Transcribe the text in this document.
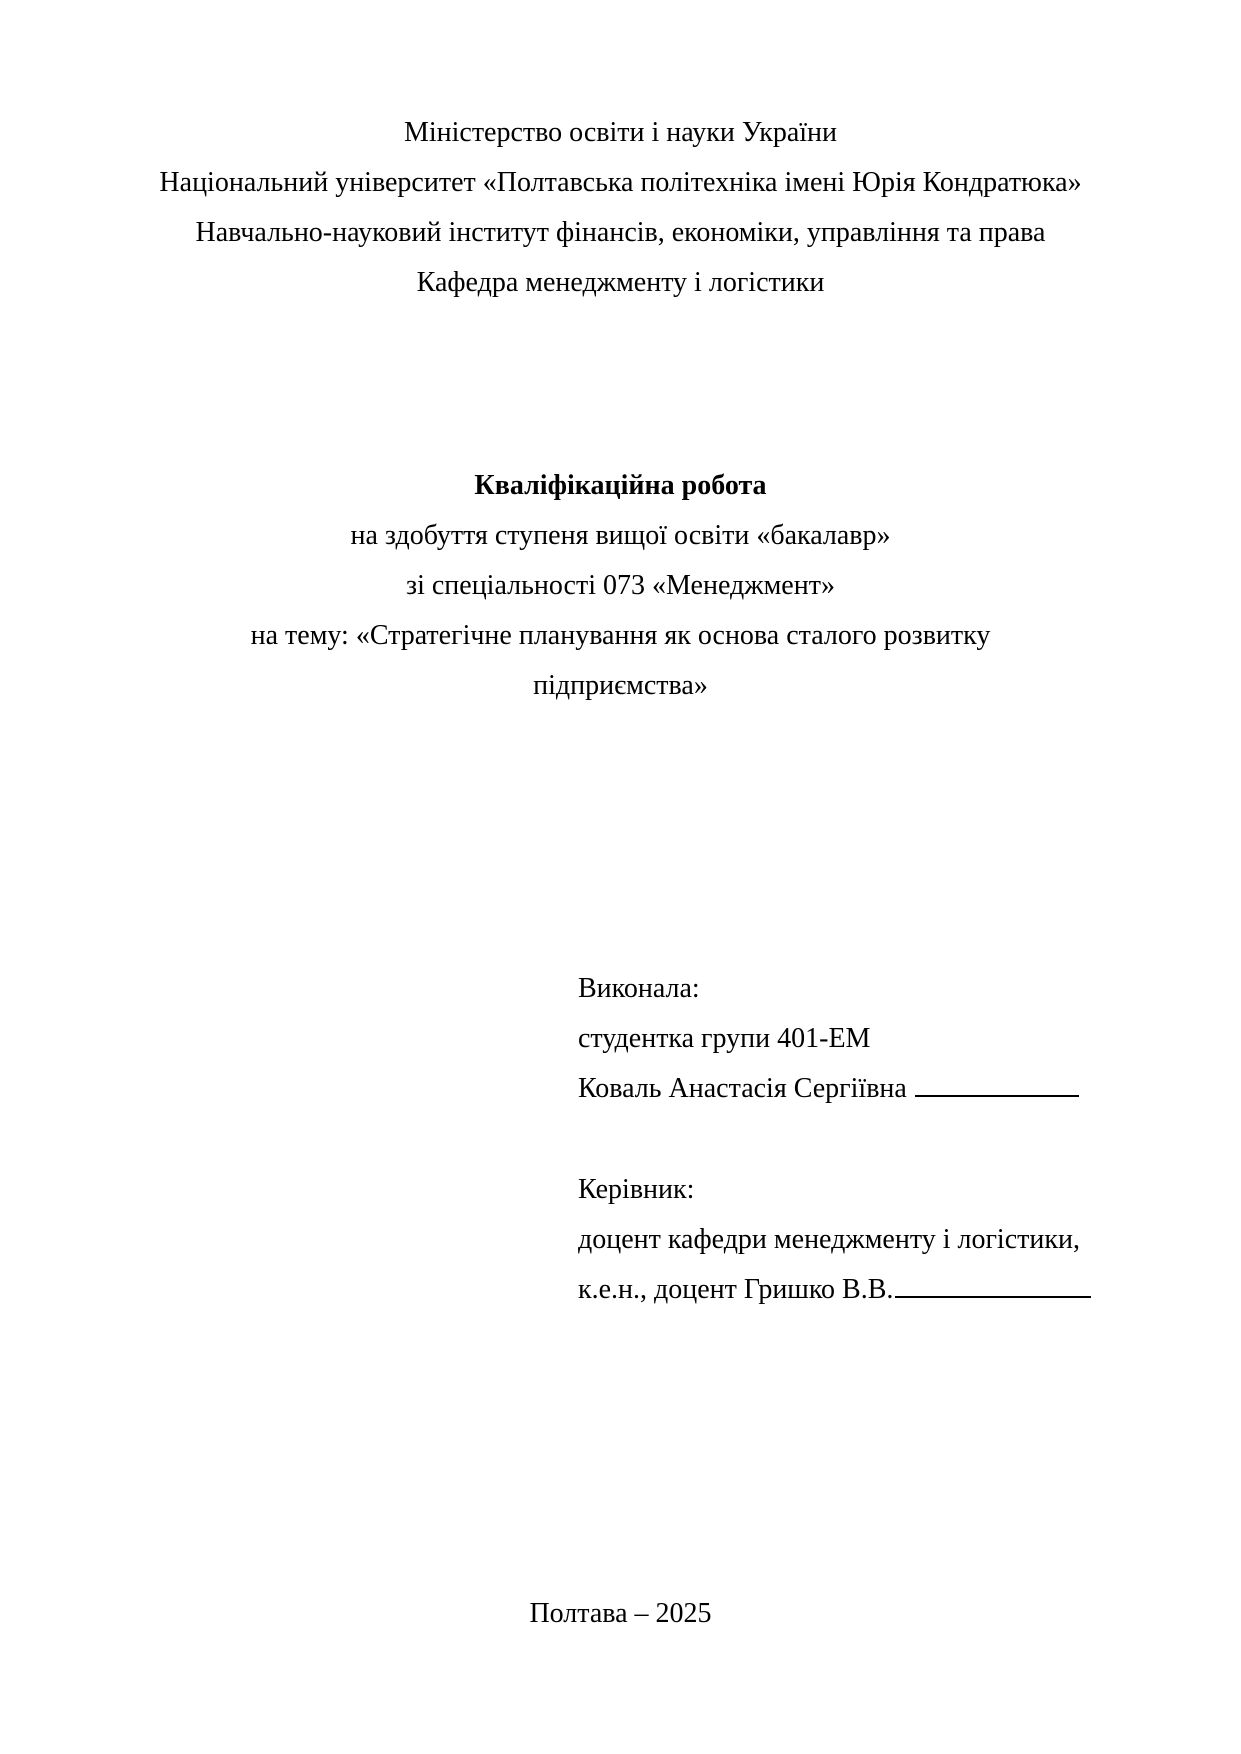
Міністерство освіти і науки України
Національний університет «Полтавська політехніка імені Юрія Кондратюка»
Навчально-науковий інститут фінансів, економіки, управління та права
Кафедра менеджменту і логістики
Кваліфікаційна робота
на здобуття ступеня вищої освіти «бакалавр»
зі спеціальності 073 «Менеджмент»
на тему: «Стратегічне планування як основа сталого розвитку
підприємства»
Виконала:
студентка групи 401-ЕМ
Коваль Анастасія Сергіївна
Керівник:
доцент кафедри менеджменту і логістики,
к.е.н., доцент Гришко В.В.
Полтава – 2025
